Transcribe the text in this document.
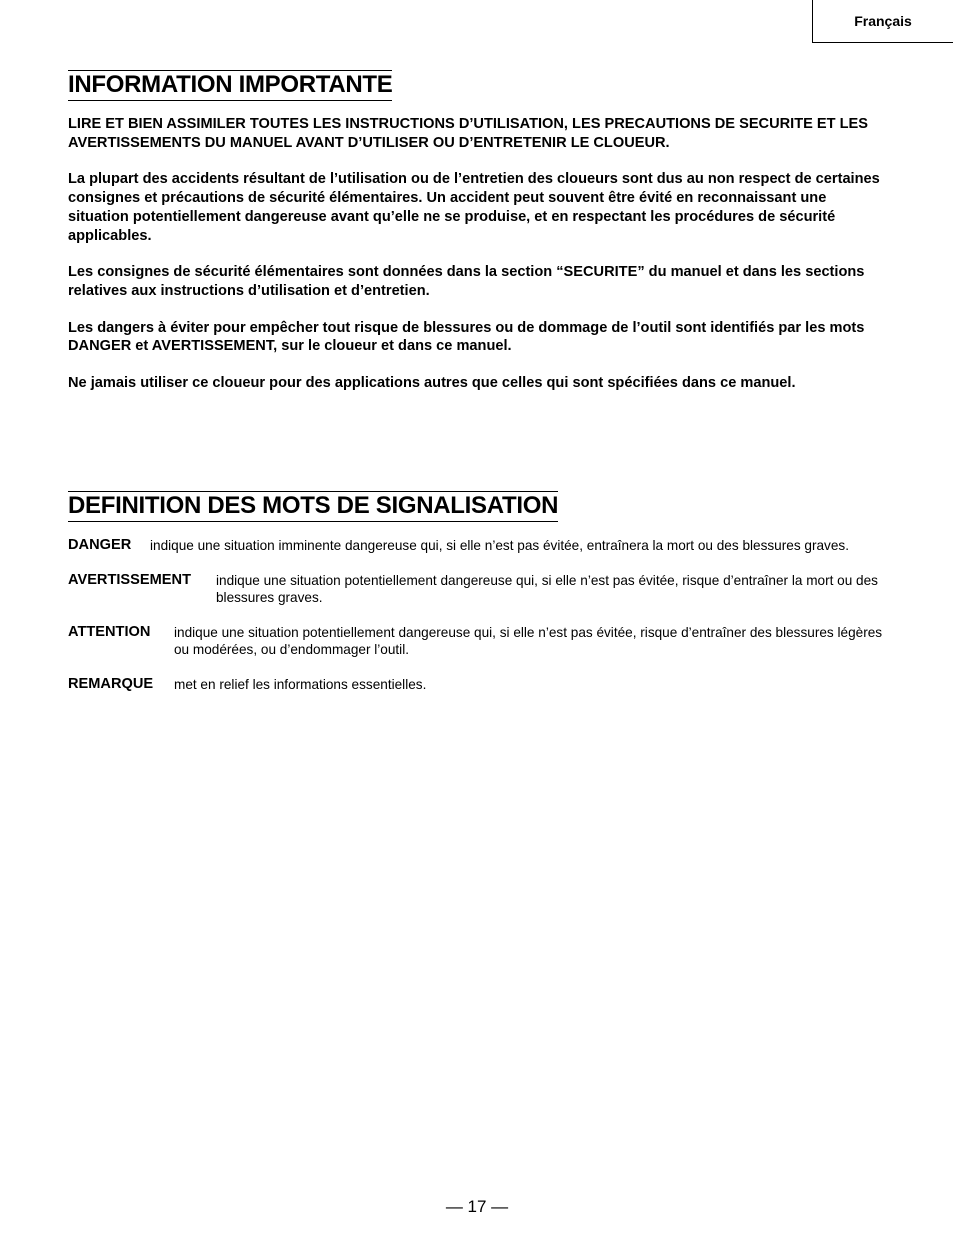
Français
INFORMATION IMPORTANTE

LIRE ET BIEN ASSIMILER TOUTES LES INSTRUCTIONS D’UTILISATION, LES PRECAUTIONS DE SECURITE ET LES AVERTISSEMENTS DU MANUEL AVANT D’UTILISER OU D’ENTRETENIR LE CLOUEUR.

La plupart des accidents résultant de l’utilisation ou de l’entretien des cloueurs sont dus au non respect de certaines consignes et précautions de sécurité élémentaires. Un accident peut souvent être évité en reconnaissant une situation potentiellement dangereuse avant qu’elle ne se produise, et en respectant les procédures de sécurité applicables.

Les consignes de sécurité élémentaires sont données dans la section “SECURITE” du manuel et dans les sections relatives aux instructions d’utilisation et d’entretien.

Les dangers à éviter pour empêcher tout risque de blessures ou de dommage de l’outil sont identifiés par les mots DANGER et AVERTISSEMENT, sur le cloueur et dans ce manuel.

Ne jamais utiliser ce cloueur pour des applications autres que celles qui sont spécifiées dans ce manuel.

DEFINITION DES MOTS DE SIGNALISATION
DANGER	indique une situation imminente dangereuse qui, si elle n’est pas évitée, entraînera la mort ou des blessures graves.
AVERTISSEMENT	indique une situation potentiellement dangereuse qui, si elle n’est pas évitée, risque d’entraîner la mort ou des blessures graves.
ATTENTION	indique une situation potentiellement dangereuse qui, si elle n’est pas évitée, risque d’entraîner des blessures légères ou modérées, ou d’endommager l’outil.
REMARQUE	met en relief les informations essentielles.
— 17 —
